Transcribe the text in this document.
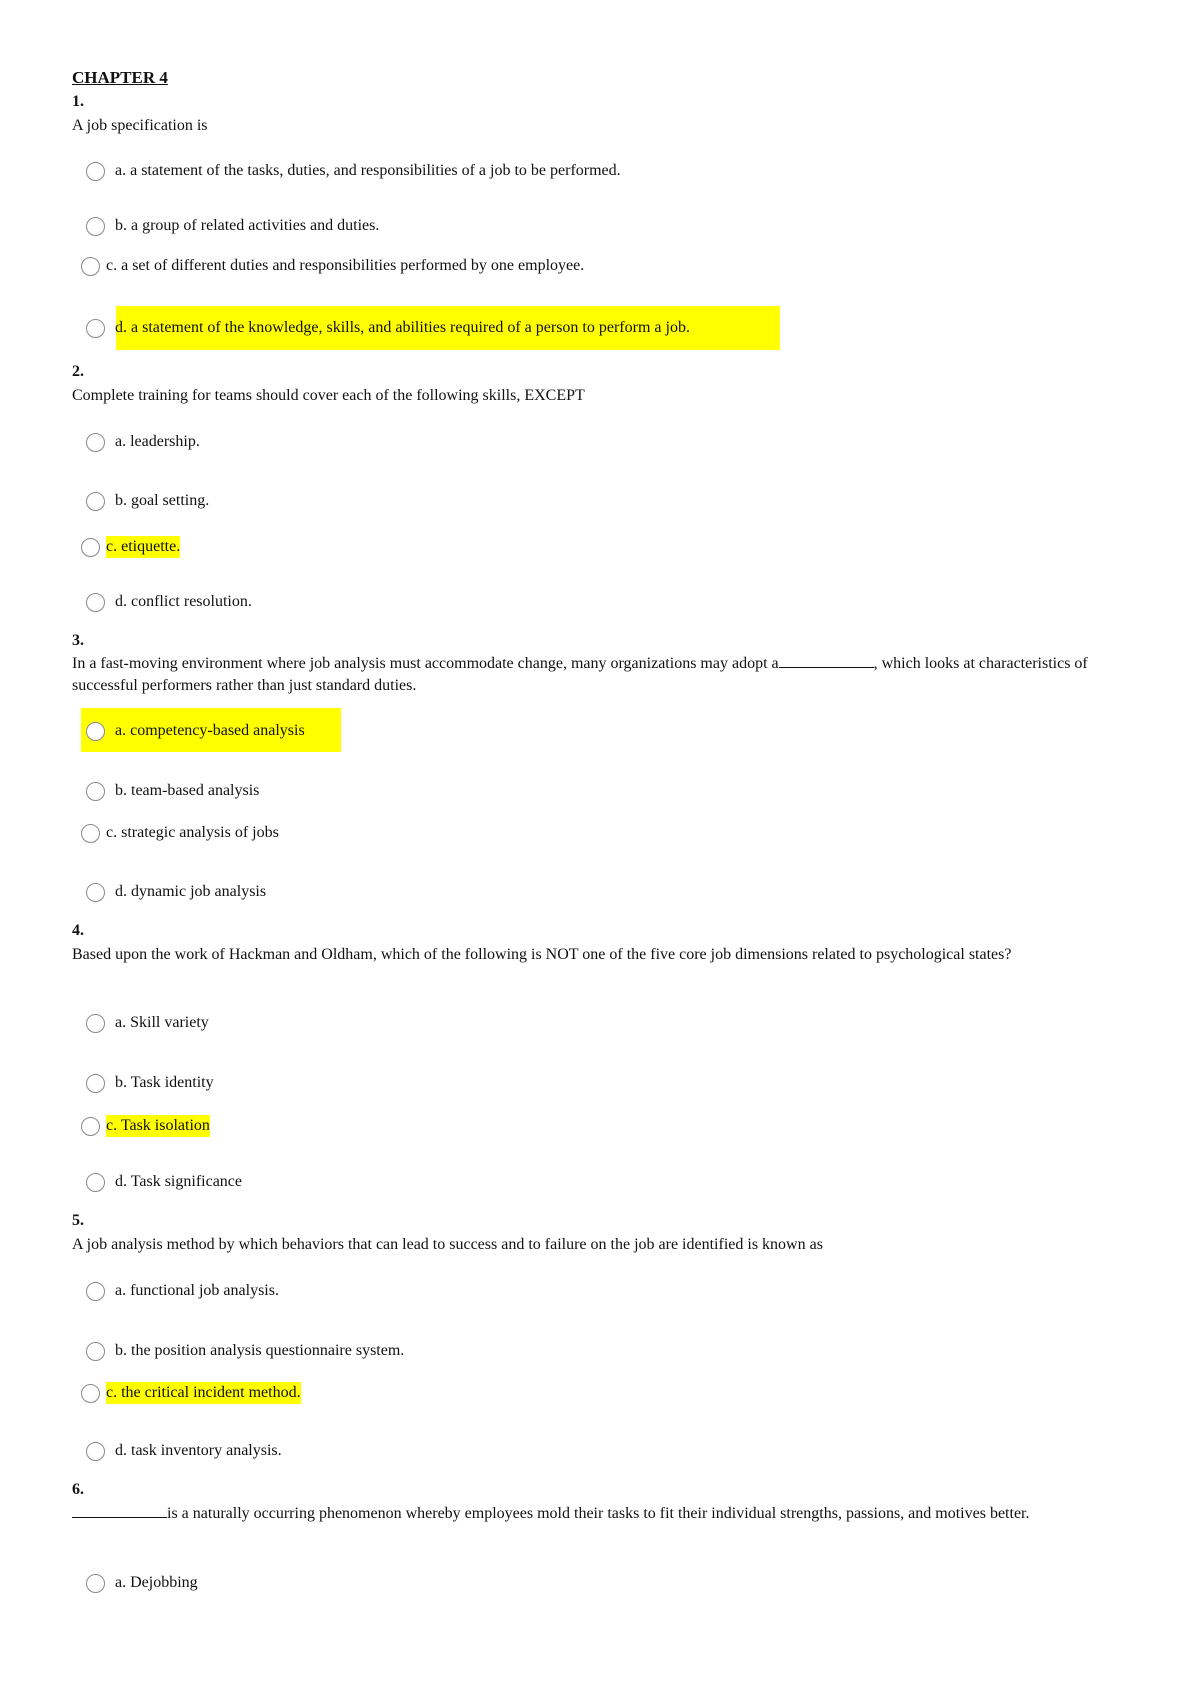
CHAPTER 4
1.
A job specification is
a. a statement of the tasks, duties, and responsibilities of a job to be performed.
b. a group of related activities and duties.
c. a set of different duties and responsibilities performed by one employee.
d. a statement of the knowledge, skills, and abilities required of a person to perform a job.
2.
Complete training for teams should cover each of the following skills, EXCEPT
a. leadership.
b. goal setting.
c. etiquette.
d. conflict resolution.
3.
In a fast-moving environment where job analysis must accommodate change, many organizations may adopt a	, which looks at characteristics of successful performers rather than just standard duties.
a. competency-based analysis
b. team-based analysis
c. strategic analysis of jobs
d. dynamic job analysis
4.
Based upon the work of Hackman and Oldham, which of the following is NOT one of the five core job dimensions related to psychological states?
a. Skill variety
b. Task identity
c. Task isolation
d. Task significance
5.
A job analysis method by which behaviors that can lead to success and to failure on the job are identified is known as
a. functional job analysis.
b. the position analysis questionnaire system.
c. the critical incident method.
d. task inventory analysis.
6.
is a naturally occurring phenomenon whereby employees mold their tasks to fit their individual strengths, passions, and motives better.
a. Dejobbing
